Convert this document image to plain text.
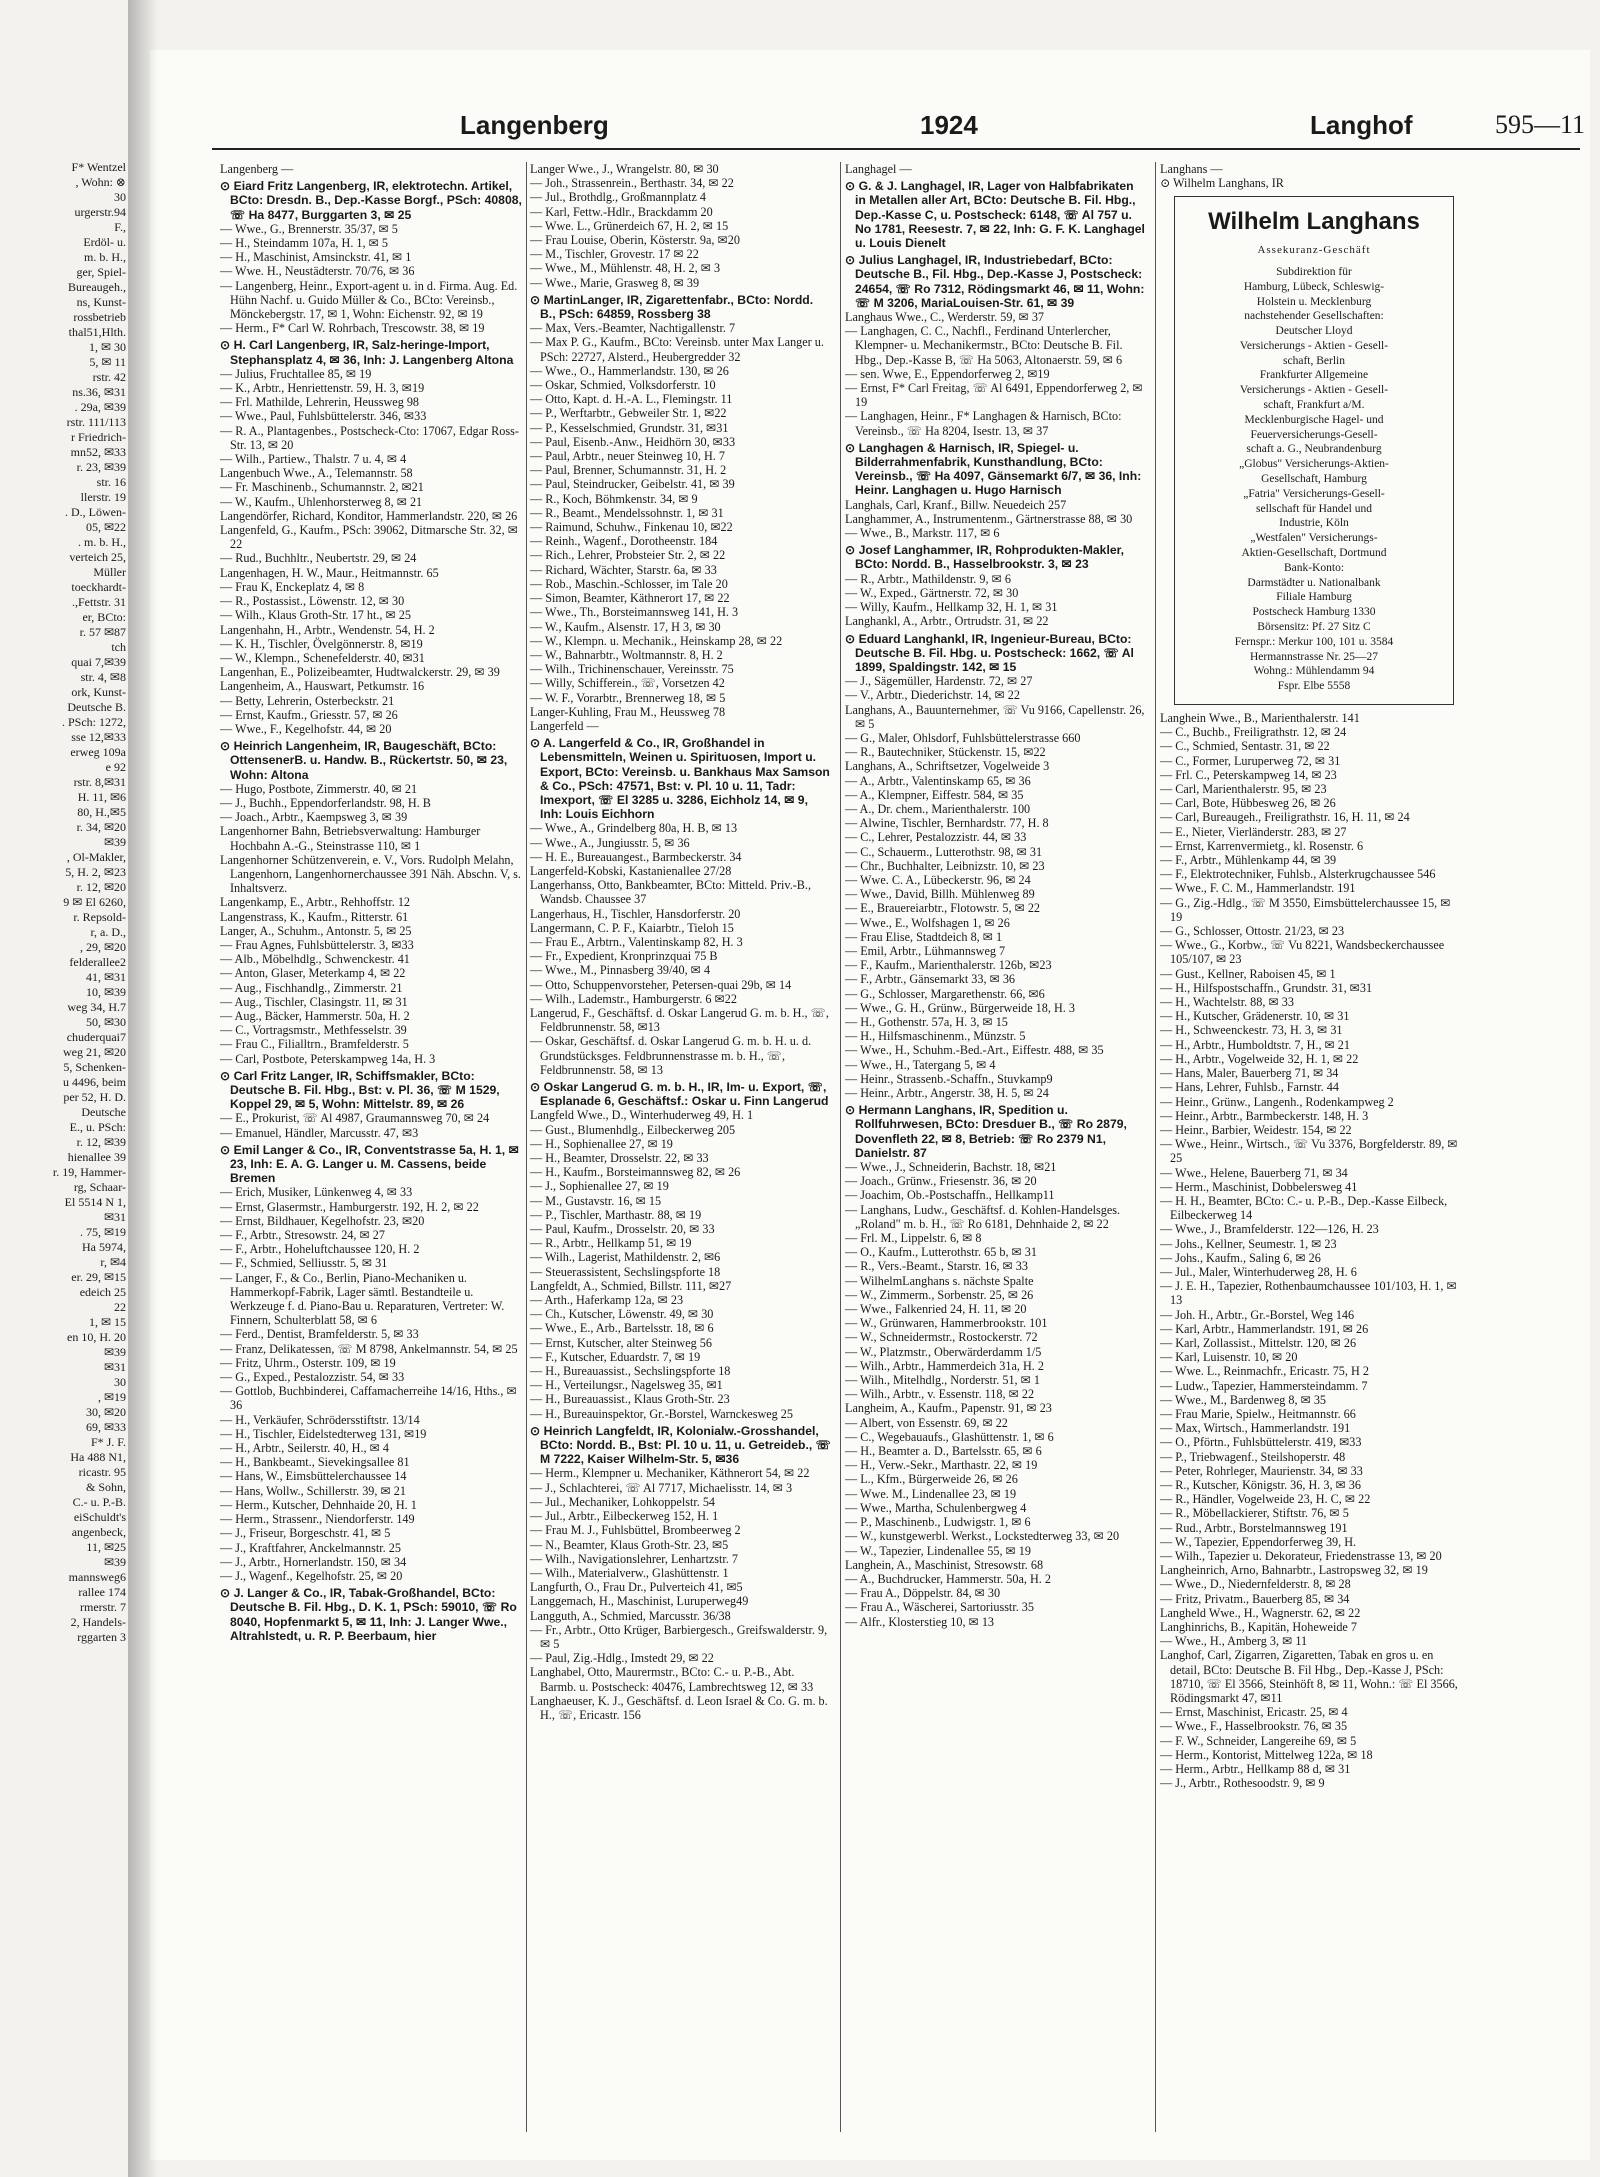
F* Wentzel
, Wohn: ⊗
30
urgerstr.94
F.,
Erdöl- u.
m. b. H.,
ger, Spiel-
Bureaugeh.,
ns, Kunst-
rossbetrieb
thal51,Hlth.
1, ✉ 30
5, ✉ 11
rstr. 42
ns.36, ✉31
. 29a, ✉39
rstr. 111/113
r Friedrich-
mn52, ✉33
r. 23, ✉39
str. 16
llerstr. 19
. D., Löwen-
05, ✉22
. m. b. H.,
verteich 25,
Müller
toeckhardt-
.,Fettstr. 31
er, BCto:
r. 57 ✉87
tch
quai 7,✉39
str. 4, ✉8
ork, Kunst-
Deutsche B.
. PSch: 1272,
sse 12,✉33
erweg 109a
e 92
rstr. 8,✉31
H. 11, ✉6
80, H.,✉5
r. 34, ✉20
✉39
, Ol-Makler,
5, H. 2, ✉23
r. 12, ✉20
9 ✉ El 6260,
r. Repsold-
r, a. D.,
, 29, ✉20
felderallee2
41, ✉31
10, ✉39
weg 34, H.7
50, ✉30
chuderquai7
weg 21, ✉20
5, Schenken-
u 4496, beim
per 52, H. D.
Deutsche
E., u. PSch:
r. 12, ✉39
hienallee 39
r. 19, Hammer-
rg, Schaar-
El 5514 N 1,
✉31
. 75, ✉19
Ha 5974,
r, ✉4
er. 29, ✉15
edeich 25
22
1, ✉ 15
en 10, H. 20
✉39
✉31
30
, ✉19
30, ✉20
69, ✉33
F* J. F.
Ha 488 N1,
ricastr. 95
& Sohn,
C.- u. P.-B.
eiSchuldt's
angenbeck,
11, ✉25
✉39
mannsweg6
rallee 174
rmerstr. 7
2, Handels-
rggarten 3
Langenberg	1924	Langhof	595—11

Langenberg —

⊙ Eiard Fritz Langenberg, IR, elektrotechn. Artikel, BCto: Dresdn. B., Dep.-Kasse Borgf., PSch: 40808, ☏ Ha 8477, Burggarten 3, ✉ 25

— Wwe., G., Brennerstr. 35/37, ✉ 5

— H., Steindamm 107a, H. 1, ✉ 5

— H., Maschinist, Amsinckstr. 41, ✉ 1

— Wwe. H., Neustädterstr. 70/76, ✉ 36

— Langenberg, Heinr., Export-agent u. in d. Firma. Aug. Ed. Hühn Nachf. u. Guido Müller & Co., BCto: Vereinsb., Mönckebergstr. 17, ✉ 1, Wohn: Eichenstr. 92, ✉ 19

— Herm., F* Carl W. Rohrbach, Trescowstr. 38, ✉ 19

⊙ H. Carl Langenberg, IR, Salz-heringe-Import, Stephansplatz 4, ✉ 36, Inh: J. Langenberg Altona

— Julius, Fruchtallee 85, ✉ 19

— K., Arbtr., Henriettenstr. 59, H. 3, ✉19

— Frl. Mathilde, Lehrerin, Heussweg 98

— Wwe., Paul, Fuhlsbüttelerstr. 346, ✉33

— R. A., Plantagenbes., Postscheck-Cto: 17067, Edgar Ross-Str. 13, ✉ 20

— Wilh., Partiew., Thalstr. 7 u. 4, ✉ 4

Langenbuch Wwe., A., Telemannstr. 58

— Fr. Maschinenb., Schumannstr. 2, ✉21

— W., Kaufm., Uhlenhorsterweg 8, ✉ 21

Langendörfer, Richard, Konditor, Hammerlandstr. 220, ✉ 26

Langenfeld, G., Kaufm., PSch: 39062, Ditmarsche Str. 32, ✉ 22

— Rud., Buchhltr., Neubertstr. 29, ✉ 24

Langenhagen, H. W., Maur., Heitmannstr. 65

— Frau K, Enckeplatz 4, ✉ 8

— R., Postassist., Löwenstr. 12, ✉ 30

— Wilh., Klaus Groth-Str. 17 ht., ✉ 25

Langenhahn, H., Arbtr., Wendenstr. 54, H. 2

— K. H., Tischler, Övelgönnerstr. 8, ✉19

— W., Klempn., Schenefelderstr. 40, ✉31

Langenhan, E., Polizeibeamter, Hudtwalckerstr. 29, ✉ 39

Langenheim, A., Hauswart, Petkumstr. 16

— Betty, Lehrerin, Osterbeckstr. 21

— Ernst, Kaufm., Griesstr. 57, ✉ 26

— Wwe., F., Kegelhofstr. 44, ✉ 20

⊙ Heinrich Langenheim, IR, Baugeschäft, BCto: OttensenerB. u. Handw. B., Rückertstr. 50, ✉ 23, Wohn: Altona

— Hugo, Postbote, Zimmerstr. 40, ✉ 21

— J., Buchh., Eppendorferlandstr. 98, H. B

— Joach., Arbtr., Kaempsweg 3, ✉ 39

Langenhorner Bahn, Betriebsverwaltung: Hamburger Hochbahn A.-G., Steinstrasse 110, ✉ 1

Langenhorner Schützenverein, e. V., Vors. Rudolph Melahn, Langenhorn, Langenhornerchaussee 391 Nāh. Abschn. V, s. Inhaltsverz.

Langenkamp, E., Arbtr., Rehhoffstr. 12

Langenstrass, K., Kaufm., Ritterstr. 61

Langer, A., Schuhm., Antonstr. 5, ✉ 25

— Frau Agnes, Fuhlsbüttelerstr. 3, ✉33

— Alb., Möbelhdlg., Schwenckestr. 41

— Anton, Glaser, Meterkamp 4, ✉ 22

— Aug., Fischhandlg., Zimmerstr. 21

— Aug., Tischler, Clasingstr. 11, ✉ 31

— Aug., Bäcker, Hammerstr. 50a, H. 2

— C., Vortragsmstr., Methfesselstr. 39

— Frau C., Filialltrn., Bramfelderstr. 5

— Carl, Postbote, Peterskampweg 14a, H. 3

⊙ Carl Fritz Langer, IR, Schiffsmakler, BCto: Deutsche B. Fil. Hbg., Bst: v. Pl. 36, ☏ M 1529, Koppel 29, ✉ 5, Wohn: Mittelstr. 89, ✉ 26

— E., Prokurist, ☏ Al 4987, Graumannsweg 70, ✉ 24

— Emanuel, Händler, Marcusstr. 47, ✉3

⊙ Emil Langer & Co., IR, Conventstrasse 5a, H. 1, ✉ 23, Inh: E. A. G. Langer u. M. Cassens, beide Bremen

— Erich, Musiker, Lünkenweg 4, ✉ 33

— Ernst, Glasermstr., Hamburgerstr. 192, H. 2, ✉ 22

— Ernst, Bildhauer, Kegelhofstr. 23, ✉20

— F., Arbtr., Stresowstr. 24, ✉ 27

— F., Arbtr., Hoheluftchaussee 120, H. 2

— F., Schmied, Selliusstr. 5, ✉ 31

— Langer, F., & Co., Berlin, Piano-Mechaniken u. Hammerkopf-Fabrik, Lager sämtl. Bestandteile u. Werkzeuge f. d. Piano-Bau u. Reparaturen, Vertreter: W. Finnern, Schulterblatt 58, ✉ 6

— Ferd., Dentist, Bramfelderstr. 5, ✉ 33

— Franz, Delikatessen, ☏ M 8798, Ankelmannstr. 54, ✉ 25

— Fritz, Uhrm., Osterstr. 109, ✉ 19

— G., Exped., Pestalozzistr. 54, ✉ 33

— Gottlob, Buchbinderei, Caffamacherreihe 14/16, Hths., ✉ 36

— H., Verkäufer, Schrödersstiftstr. 13/14

— H., Tischler, Eidelstedterweg 131, ✉19

— H., Arbtr., Seilerstr. 40, H., ✉ 4

— H., Bankbeamt., Sievekingsallee 81

— Hans, W., Eimsbüttelerchaussee 14

— Hans, Wollw., Schillerstr. 39, ✉ 21

— Herm., Kutscher, Dehnhaide 20, H. 1

— Herm., Strassenr., Niendorferstr. 149

— J., Friseur, Borgeschstr. 41, ✉ 5

— J., Kraftfahrer, Anckelmannstr. 25

— J., Arbtr., Hornerlandstr. 150, ✉ 34

— J., Wagenf., Kegelhofstr. 25, ✉ 20

⊙ J. Langer & Co., IR, Tabak-Großhandel, BCto: Deutsche B. Fil. Hbg., D. K. 1, PSch: 59010, ☏ Ro 8040, Hopfenmarkt 5, ✉ 11, Inh: J. Langer Wwe., Altrahlstedt, u. R. P. Beerbaum, hier

Langer Wwe., J., Wrangelstr. 80, ✉ 30

— Joh., Strassenrein., Berthastr. 34, ✉ 22

— Jul., Brothdlg., Großmannplatz 4

— Karl, Fettw.-Hdlr., Brackdamm 20

— Wwe. L., Grünerdeich 67, H. 2, ✉ 15

— Frau Louise, Oberin, Kösterstr. 9a, ✉20

— M., Tischler, Grovestr. 17 ✉ 22

— Wwe., M., Mühlenstr. 48, H. 2, ✉ 3

— Wwe., Marie, Grasweg 8, ✉ 39

⊙ MartinLanger, IR, Zigarettenfabr., BCto: Nordd. B., PSch: 64859, Rossberg 38

— Max, Vers.-Beamter, Nachtigallenstr. 7

— Max P. G., Kaufm., BCto: Vereinsb. unter Max Langer u. PSch: 22727, Alsterd., Heubergredder 32

— Wwe., O., Hammerlandstr. 130, ✉ 26

— Oskar, Schmied, Volksdorferstr. 10

— Otto, Kapt. d. H.-A. L., Flemingstr. 11

— P., Werftarbtr., Gebweiler Str. 1, ✉22

— P., Kesselschmied, Grundstr. 31, ✉31

— Paul, Eisenb.-Anw., Heidhörn 30, ✉33

— Paul, Arbtr., neuer Steinweg 10, H. 7

— Paul, Brenner, Schumannstr. 31, H. 2

— Paul, Steindrucker, Geibelstr. 41, ✉ 39

— R., Koch, Böhmkenstr. 34, ✉ 9

— R., Beamt., Mendelssohnstr. 1, ✉ 31

— Raimund, Schuhw., Finkenau 10, ✉22

— Reinh., Wagenf., Dorotheenstr. 184

— Rich., Lehrer, Probsteier Str. 2, ✉ 22

— Richard, Wächter, Starstr. 6a, ✉ 33

— Rob., Maschin.-Schlosser, im Tale 20

— Simon, Beamter, Käthnerort 17, ✉ 22

— Wwe., Th., Borsteimannsweg 141, H. 3

— W., Kaufm., Alsenstr. 17, H 3, ✉ 30

— W., Klempn. u. Mechanik., Heinskamp 28, ✉ 22

— W., Bahnarbtr., Woltmannstr. 8, H. 2

— Wilh., Trichinenschauer, Vereinsstr. 75

— Willy, Schifferein., ☏, Vorsetzen 42

— W. F., Vorarbtr., Brennerweg 18, ✉ 5

Langer-Kuhling, Frau M., Heussweg 78

Langerfeld —

⊙ A. Langerfeld & Co., IR, Großhandel in Lebensmitteln, Weinen u. Spirituosen, Import u. Export, BCto: Vereinsb. u. Bankhaus Max Samson & Co., PSch: 47571, Bst: v. Pl. 10 u. 11, Tadr: Imexport, ☏ El 3285 u. 3286, Eichholz 14, ✉ 9, Inh: Louis Eichhorn

— Wwe., A., Grindelberg 80a, H. B, ✉ 13

— Wwe., A., Jungiusstr. 5, ✉ 36

— H. E., Bureauangest., Barmbeckerstr. 34

Langerfeld-Kobski, Kastanienallee 27/28

Langerhanss, Otto, Bankbeamter, BCto: Mitteld. Priv.-B., Wandsb. Chaussee 37

Langerhaus, H., Tischler, Hansdorferstr. 20

Langermann, C. P. F., Kaiarbtr., Tieloh 15

— Frau E., Arbtrn., Valentinskamp 82, H. 3

— Fr., Expedient, Kronprinzquai 75 B

— Wwe., M., Pinnasberg 39/40, ✉ 4

— Otto, Schuppenvorsteher, Petersen-quai 29b, ✉ 14

— Wilh., Lademstr., Hamburgerstr. 6 ✉22

Langerud, F., Geschäftsf. d. Oskar Langerud G. m. b. H., ☏, Feldbrunnenstr. 58, ✉13

— Oskar, Geschäftsf. d. Oskar Langerud G. m. b. H. u. d. Grundstücksges. Feldbrunnenstrasse m. b. H., ☏, Feldbrunnenstr. 58, ✉ 13

⊙ Oskar Langerud G. m. b. H., IR, Im- u. Export, ☏, Esplanade 6, Geschäftsf.: Oskar u. Finn Langerud

Langfeld Wwe., D., Winterhuderweg 49, H. 1

— Gust., Blumenhdlg., Eilbeckerweg 205

— H., Sophienallee 27, ✉ 19

— H., Beamter, Drosselstr. 22, ✉ 33

— H., Kaufm., Borsteimannsweg 82, ✉ 26

— J., Sophienallee 27, ✉ 19

— M., Gustavstr. 16, ✉ 15

— P., Tischler, Marthastr. 88, ✉ 19

— Paul, Kaufm., Drosselstr. 20, ✉ 33

— R., Arbtr., Hellkamp 51, ✉ 19

— Wilh., Lagerist, Mathildenstr. 2, ✉6

— Steuerassistent, Sechslingspforte 18

Langfeldt, A., Schmied, Billstr. 111, ✉27

— Arth., Haferkamp 12a, ✉ 23

— Ch., Kutscher, Löwenstr. 49, ✉ 30

— Wwe., E., Arb., Bartelsstr. 18, ✉ 6

— Ernst, Kutscher, alter Steinweg 56

— F., Kutscher, Eduardstr. 7, ✉ 19

— H., Bureauassist., Sechslingspforte 18

— H., Verteilungsr., Nagelsweg 35, ✉1

— H., Bureauassist., Klaus Groth-Str. 23

— H., Bureauinspektor, Gr.-Borstel, Warnckesweg 25

⊙ Heinrich Langfeldt, IR, Kolonialw.-Grosshandel, BCto: Nordd. B., Bst: Pl. 10 u. 11, u. Getreideb., ☏ M 7222, Kaiser Wilhelm-Str. 5, ✉36

— Herm., Klempner u. Mechaniker, Käthnerort 54, ✉ 22

— J., Schlachterei, ☏ Al 7717, Michaelisstr. 14, ✉ 3

— Jul., Mechaniker, Lohkoppelstr. 54

— Jul., Arbtr., Eilbeckerweg 152, H. 1

— Frau M. J., Fuhlsbüttel, Brombeerweg 2

— N., Beamter, Klaus Groth-Str. 23, ✉5

— Wilh., Navigationslehrer, Lenhartzstr. 7

— Wilh., Materialverw., Glashüttenstr. 1

Langfurth, O., Frau Dr., Pulverteich 41, ✉5

Langgemach, H., Maschinist, Luruperweg49

Langguth, A., Schmied, Marcusstr. 36/38

— Fr., Arbtr., Otto Krüger, Barbiergesch., Greifswalderstr. 9, ✉ 5

— Paul, Zig.-Hdlg., Imstedt 29, ✉ 22

Langhabel, Otto, Maurermstr., BCto: C.- u. P.-B., Abt. Barmb. u. Postscheck: 40476, Lambrechtsweg 12, ✉ 33

Langhaeuser, K. J., Geschäftsf. d. Leon Israel & Co. G. m. b. H., ☏, Ericastr. 156

Langhagel —

⊙ G. & J. Langhagel, IR, Lager von Halbfabrikaten in Metallen aller Art, BCto: Deutsche B. Fil. Hbg., Dep.-Kasse C, u. Postscheck: 6148, ☏ Al 757 u. No 1781, Reesestr. 7, ✉ 22, Inh: G. F. K. Langhagel u. Louis Dienelt

⊙ Julius Langhagel, IR, Industriebedarf, BCto: Deutsche B., Fil. Hbg., Dep.-Kasse J, Postscheck: 24654, ☏ Ro 7312, Rödingsmarkt 46, ✉ 11, Wohn: ☏ M 3206, MariaLouisen-Str. 61, ✉ 39

Langhaus Wwe., C., Werderstr. 59, ✉ 37

— Langhagen, C. C., Nachfl., Ferdinand Unterlercher, Klempner- u. Mechanikermstr., BCto: Deutsche B. Fil. Hbg., Dep.-Kasse B, ☏ Ha 5063, Altonaerstr. 59, ✉ 6

— sen. Wwe, E., Eppendorferweg 2, ✉19

— Ernst, F* Carl Freitag, ☏ Al 6491, Eppendorferweg 2, ✉ 19

— Langhagen, Heinr., F* Langhagen & Harnisch, BCto: Vereinsb., ☏ Ha 8204, Isestr. 13, ✉ 37

⊙ Langhagen & Harnisch, IR, Spiegel- u. Bilderrahmenfabrik, Kunsthandlung, BCto: Vereinsb., ☏ Ha 4097, Gänsemarkt 6/7, ✉ 36, Inh: Heinr. Langhagen u. Hugo Harnisch

Langhals, Carl, Kranf., Billw. Neuedeich 257

Langhammer, A., Instrumentenm., Gärtnerstrasse 88, ✉ 30

— Wwe., B., Markstr. 117, ✉ 6

⊙ Josef Langhammer, IR, Rohprodukten-Makler, BCto: Nordd. B., Hasselbrookstr. 3, ✉ 23

— R., Arbtr., Mathildenstr. 9, ✉ 6

— W., Exped., Gärtnerstr. 72, ✉ 30

— Willy, Kaufm., Hellkamp 32, H. 1, ✉ 31

Langhankl, A., Arbtr., Ortrudstr. 31, ✉ 22

⊙ Eduard Langhankl, IR, Ingenieur-Bureau, BCto: Deutsche B. Fil. Hbg. u. Postscheck: 1662, ☏ Al 1899, Spaldingstr. 142, ✉ 15

— J., Sägemüller, Hardenstr. 72, ✉ 27

— V., Arbtr., Diederichstr. 14, ✉ 22

Langhans, A., Bauunternehmer, ☏ Vu 9166, Capellenstr. 26, ✉ 5

— G., Maler, Ohlsdorf, Fuhlsbüttelerstrasse 660

— R., Bautechniker, Stückenstr. 15, ✉22

Langhans, A., Schriftsetzer, Vogelweide 3

— A., Arbtr., Valentinskamp 65, ✉ 36

— A., Klempner, Eiffestr. 584, ✉ 35

— A., Dr. chem., Marienthalerstr. 100

— Alwine, Tischler, Bernhardstr. 77, H. 8

— C., Lehrer, Pestalozzistr. 44, ✉ 33

— C., Schauerm., Lutterothstr. 98, ✉ 31

— Chr., Buchhalter, Leibnizstr. 10, ✉ 23

— Wwe. C. A., Lübeckerstr. 96, ✉ 24

— Wwe., David, Billh. Mühlenweg 89

— E., Brauereiarbtr., Flotowstr. 5, ✉ 22

— Wwe., E., Wolfshagen 1, ✉ 26

— Frau Elise, Stadtdeich 8, ✉ 1

— Emil, Arbtr., Lühmannsweg 7

— F., Kaufm., Marienthalerstr. 126b, ✉23

— F., Arbtr., Gänsemarkt 33, ✉ 36

— G., Schlosser, Margarethenstr. 66, ✉6

— Wwe., G. H., Grünw., Bürgerweide 18, H. 3

— H., Gothenstr. 57a, H. 3, ✉ 15

— H., Hilfsmaschinenm., Münzstr. 5

— Wwe., H., Schuhm.-Bed.-Art., Eiffestr. 488, ✉ 35

— Wwe., H., Tatergang 5, ✉ 4

— Heinr., Strassenb.-Schaffn., Stuvkamp9

— Heinr., Arbtr., Angerstr. 38, H. 5, ✉ 24

⊙ Hermann Langhans, IR, Spedition u. Rollfuhrwesen, BCto: Dresduer B., ☏ Ro 2879, Dovenfleth 22, ✉ 8, Betrieb: ☏ Ro 2379 N1, Danielstr. 87

— Wwe., J., Schneiderin, Bachstr. 18, ✉21

— Joach., Grünw., Friesenstr. 36, ✉ 20

— Joachim, Ob.-Postschaffn., Hellkamp11

— Langhans, Ludw., Geschäftsf. d. Kohlen-Handelsges. „Roland" m. b. H., ☏ Ro 6181, Dehnhaide 2, ✉ 22

— Frl. M., Lippelstr. 6, ✉ 8

— O., Kaufm., Lutterothstr. 65 b, ✉ 31

— R., Vers.-Beamt., Starstr. 16, ✉ 33

— WilhelmLanghans s. nächste Spalte

— W., Zimmerm., Sorbenstr. 25, ✉ 26

— Wwe., Falkenried 24, H. 11, ✉ 20

— W., Grünwaren, Hammerbrookstr. 101

— W., Schneidermstr., Rostockerstr. 72

— W., Platzmstr., Oberwärderdamm 1/5

— Wilh., Arbtr., Hammerdeich 31a, H. 2

— Wilh., Mitelhdlg., Norderstr. 51, ✉ 1

— Wilh., Arbtr., v. Essenstr. 118, ✉ 22

Langheim, A., Kaufm., Papenstr. 91, ✉ 23

— Albert, von Essenstr. 69, ✉ 22

— C., Wegebauaufs., Glashüttenstr. 1, ✉ 6

— H., Beamter a. D., Bartelsstr. 65, ✉ 6

— H., Verw.-Sekr., Marthastr. 22, ✉ 19

— L., Kfm., Bürgerweide 26, ✉ 26

— Wwe. M., Lindenallee 23, ✉ 19

— Wwe., Martha, Schulenbergweg 4

— P., Maschinenb., Ludwigstr. 1, ✉ 6

— W., kunstgewerbl. Werkst., Lockstedterweg 33, ✉ 20

— W., Tapezier, Lindenallee 55, ✉ 19

Langhein, A., Maschinist, Stresowstr. 68

— A., Buchdrucker, Hammerstr. 50a, H. 2

— Frau A., Döppelstr. 84, ✉ 30

— Frau A., Wäscherei, Sartoriusstr. 35

— Alfr., Klosterstieg 10, ✉ 13

Langhans —

⊙ Wilhelm Langhans, IR

Wilhelm Langhans
Assekuranz-Geschäft
Subdirektion für
Hamburg, Lübeck, Schleswig-
Holstein u. Mecklenburg
nachstehender Gesellschaften:
Deutscher Lloyd
Versicherungs - Aktien - Gesell-
schaft, Berlin
Frankfurter Allgemeine
Versicherungs - Aktien - Gesell-
schaft, Frankfurt a/M.
Mecklenburgische Hagel- und
Feuerversicherungs-Gesell-
schaft a. G., Neubrandenburg
„Globus" Versicherungs-Aktien-
Gesellschaft, Hamburg
„Fatria" Versicherungs-Gesell-
sellschaft für Handel und
Industrie, Köln
„Westfalen" Versicherungs-
Aktien-Gesellschaft, Dortmund
Bank-Konto:
Darmstädter u. Nationalbank
Filiale Hamburg
Postscheck Hamburg 1330
Börsensitz: Pf. 27 Sitz C
Fernspr.: Merkur 100, 101 u. 3584
Hermannstrasse Nr. 25—27
Wohng.: Mühlendamm 94
Fspr. Elbe 5558

Langhein Wwe., B., Marienthalerstr. 141

— C., Buchb., Freiligrathstr. 12, ✉ 24

— C., Schmied, Sentastr. 31, ✉ 22

— C., Former, Luruperweg 72, ✉ 31

— Frl. C., Peterskampweg 14, ✉ 23

— Carl, Marienthalerstr. 95, ✉ 23

— Carl, Bote, Hübbesweg 26, ✉ 26

— Carl, Bureaugeh., Freiligrathstr. 16, H. 11, ✉ 24

— E., Nieter, Vierländerstr. 283, ✉ 27

— Ernst, Karrenvermietg., kl. Rosenstr. 6

— F., Arbtr., Mühlenkamp 44, ✉ 39

— F., Elektrotechniker, Fuhlsb., Alsterkrugchaussee 546

— Wwe., F. C. M., Hammerlandstr. 191

— G., Zig.-Hdlg., ☏ M 3550, Eimsbüttelerchaussee 15, ✉ 19

— G., Schlosser, Ottostr. 21/23, ✉ 23

— Wwe., G., Korbw., ☏ Vu 8221, Wandsbeckerchaussee 105/107, ✉ 23

— Gust., Kellner, Raboisen 45, ✉ 1

— H., Hilfspostschaffn., Grundstr. 31, ✉31

— H., Wachtelstr. 88, ✉ 33

— H., Kutscher, Grädenerstr. 10, ✉ 31

— H., Schweenckestr. 73, H. 3, ✉ 31

— H., Arbtr., Humboldtstr. 7, H., ✉ 21

— H., Arbtr., Vogelweide 32, H. 1, ✉ 22

— Hans, Maler, Bauerberg 71, ✉ 34

— Hans, Lehrer, Fuhlsb., Farnstr. 44

— Heinr., Grünw., Langenh., Rodenkampweg 2

— Heinr., Arbtr., Barmbeckerstr. 148, H. 3

— Heinr., Barbier, Weidestr. 154, ✉ 22

— Wwe., Heinr., Wirtsch., ☏ Vu 3376, Borgfelderstr. 89, ✉ 25

— Wwe., Helene, Bauerberg 71, ✉ 34

— Herm., Maschinist, Dobbelersweg 41

— H. H., Beamter, BCto: C.- u. P.-B., Dep.-Kasse Eilbeck, Eilbeckerweg 14

— Wwe., J., Bramfelderstr. 122—126, H. 23

— Johs., Kellner, Seumestr. 1, ✉ 23

— Johs., Kaufm., Saling 6, ✉ 26

— Jul., Maler, Winterhuderweg 28, H. 6

— J. E. H., Tapezier, Rothenbaumchaussee 101/103, H. 1, ✉ 13

— Joh. H., Arbtr., Gr.-Borstel, Weg 146

— Karl, Arbtr., Hammerlandstr. 191, ✉ 26

— Karl, Zollassist., Mittelstr. 120, ✉ 26

— Karl, Luisenstr. 10, ✉ 20

— Wwe. L., Reinmachfr., Ericastr. 75, H 2

— Ludw., Tapezier, Hammersteindamm. 7

— Wwe., M., Bardenweg 8, ✉ 35

— Frau Marie, Spielw., Heitmannstr. 66

— Max, Wirtsch., Hammerlandstr. 191

— O., Pförtn., Fuhlsbüttelerstr. 419, ✉33

— P., Triebwagenf., Steilshoperstr. 48

— Peter, Rohrleger, Maurienstr. 34, ✉ 33

— R., Kutscher, Königstr. 36, H. 3, ✉ 36

— R., Händler, Vogelweide 23, H. C, ✉ 22

— R., Möbellackierer, Stiftstr. 76, ✉ 5

— Rud., Arbtr., Borstelmannsweg 191

— W., Tapezier, Eppendorferweg 39, H.

— Wilh., Tapezier u. Dekorateur, Friedenstrasse 13, ✉ 20

Langheinrich, Arno, Bahnarbtr., Lastropsweg 32, ✉ 19

— Wwe., D., Niedernfelderstr. 8, ✉ 28

— Fritz, Privatm., Bauerberg 85, ✉ 34

Langheld Wwe., H., Wagnerstr. 62, ✉ 22

Langhinrichs, B., Kapitän, Hoheweide 7

— Wwe., H., Amberg 3, ✉ 11

Langhof, Carl, Zigarren, Zigaretten, Tabak en gros u. en detail, BCto: Deutsche B. Fil Hbg., Dep.-Kasse J, PSch: 18710, ☏ El 3566, Steinhöft 8, ✉ 11, Wohn.: ☏ El 3566, Rödingsmarkt 47, ✉11

— Ernst, Maschinist, Ericastr. 25, ✉ 4

— Wwe., F., Hasselbrookstr. 76, ✉ 35

— F. W., Schneider, Langereihe 69, ✉ 5

— Herm., Kontorist, Mittelweg 122a, ✉ 18

— Herm., Arbtr., Hellkamp 88 d, ✉ 31

— J., Arbtr., Rothesoodstr. 9, ✉ 9
